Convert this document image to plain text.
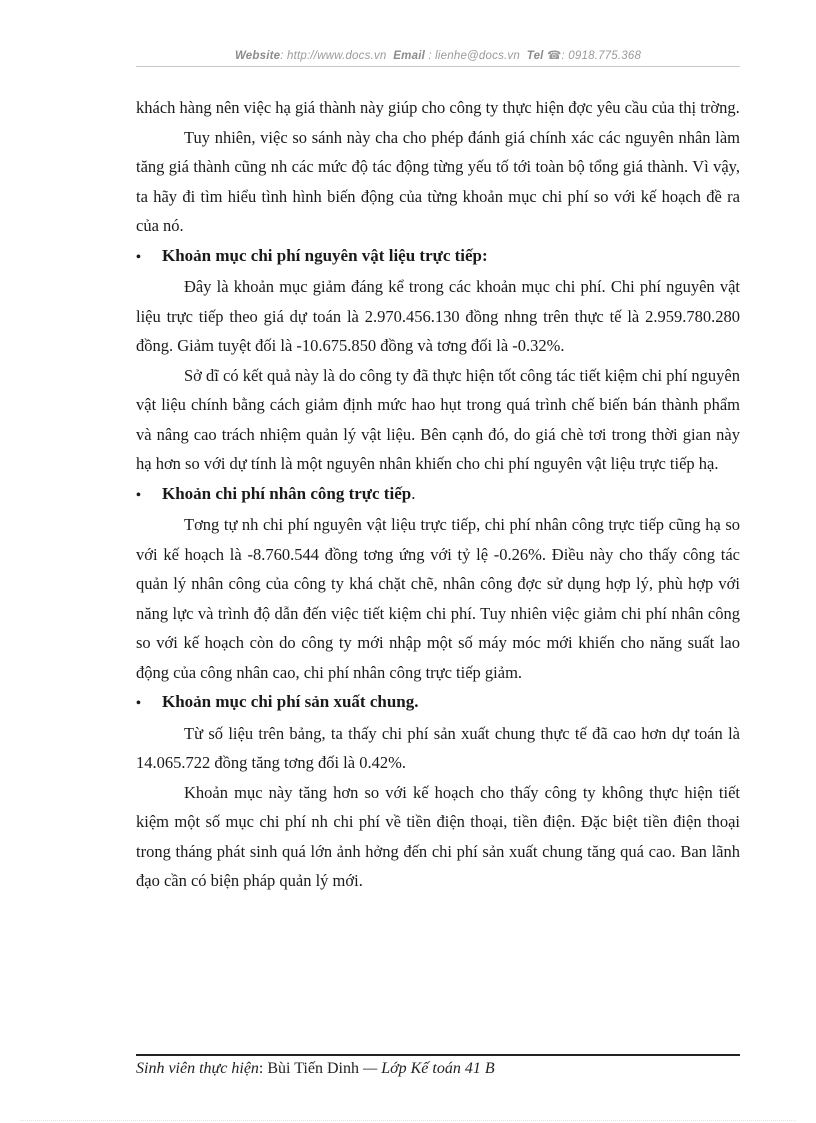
Website: http://www.docs.vn Email : lienhe@docs.vn Tel ☎: 0918.775.368

khách hàng nên việc hạ giá thành này giúp cho công ty thực hiện đợc yêu cầu của thị trờng.

Tuy nhiên, việc so sánh này cha cho phép đánh giá chính xác các nguyên nhân làm tăng giá thành cũng nh các mức độ tác động từng yếu tố tới toàn bộ tổng giá thành. Vì vậy, ta hãy đi tìm hiểu tình hình biến động của từng khoản mục chi phí so với kế hoạch đề ra của nó.

•	Khoản mục chi phí nguyên vật liệu trực tiếp:

Đây là khoản mục giảm đáng kể trong các khoản mục chi phí. Chi phí nguyên vật liệu trực tiếp theo giá dự toán là 2.970.456.130 đồng nhng trên thực tế là 2.959.780.280 đồng. Giảm tuyệt đối là -10.675.850 đồng và tơng đối là -0.32%.

Sở dĩ có kết quả này là do công ty đã thực hiện tốt công tác tiết kiệm chi phí nguyên vật liệu chính bằng cách giảm định mức hao hụt trong quá trình chế biến bán thành phẩm và nâng cao trách nhiệm quản lý vật liệu. Bên cạnh đó, do giá chè tơi trong thời gian này hạ hơn so với dự tính là một nguyên nhân khiến cho chi phí nguyên vật liệu trực tiếp hạ.

•	Khoản chi phí nhân công trực tiếp.

Tơng tự nh chi phí nguyên vật liệu trực tiếp, chi phí nhân công trực tiếp cũng hạ so với kế hoạch là -8.760.544 đồng tơng ứng với tỷ lệ -0.26%. Điều này cho thấy công tác quản lý nhân công của công ty khá chặt chẽ, nhân công đợc sử dụng hợp lý, phù hợp với năng lực và trình độ dẫn đến việc tiết kiệm chi phí. Tuy nhiên việc giảm chi phí nhân công so với kế hoạch còn do công ty mới nhập một số máy móc mới khiến cho năng suất lao động của công nhân cao, chi phí nhân công trực tiếp giảm.

•	Khoản mục chi phí sản xuất chung.

Từ số liệu trên bảng, ta thấy chi phí sản xuất chung thực tế đã cao hơn dự toán là 14.065.722 đồng tăng tơng đối là 0.42%.

Khoản mục này tăng hơn so với kế hoạch cho thấy công ty không thực hiện tiết kiệm một số mục chi phí nh chi phí về tiền điện thoại, tiền điện. Đặc biệt tiền điện thoại trong tháng phát sinh quá lớn ảnh hởng đến chi phí sản xuất chung tăng quá cao. Ban lãnh đạo cần có biện pháp quản lý mới.

Sinh viên thực hiện: Bùi Tiến Dinh — Lớp Kế toán 41 B
